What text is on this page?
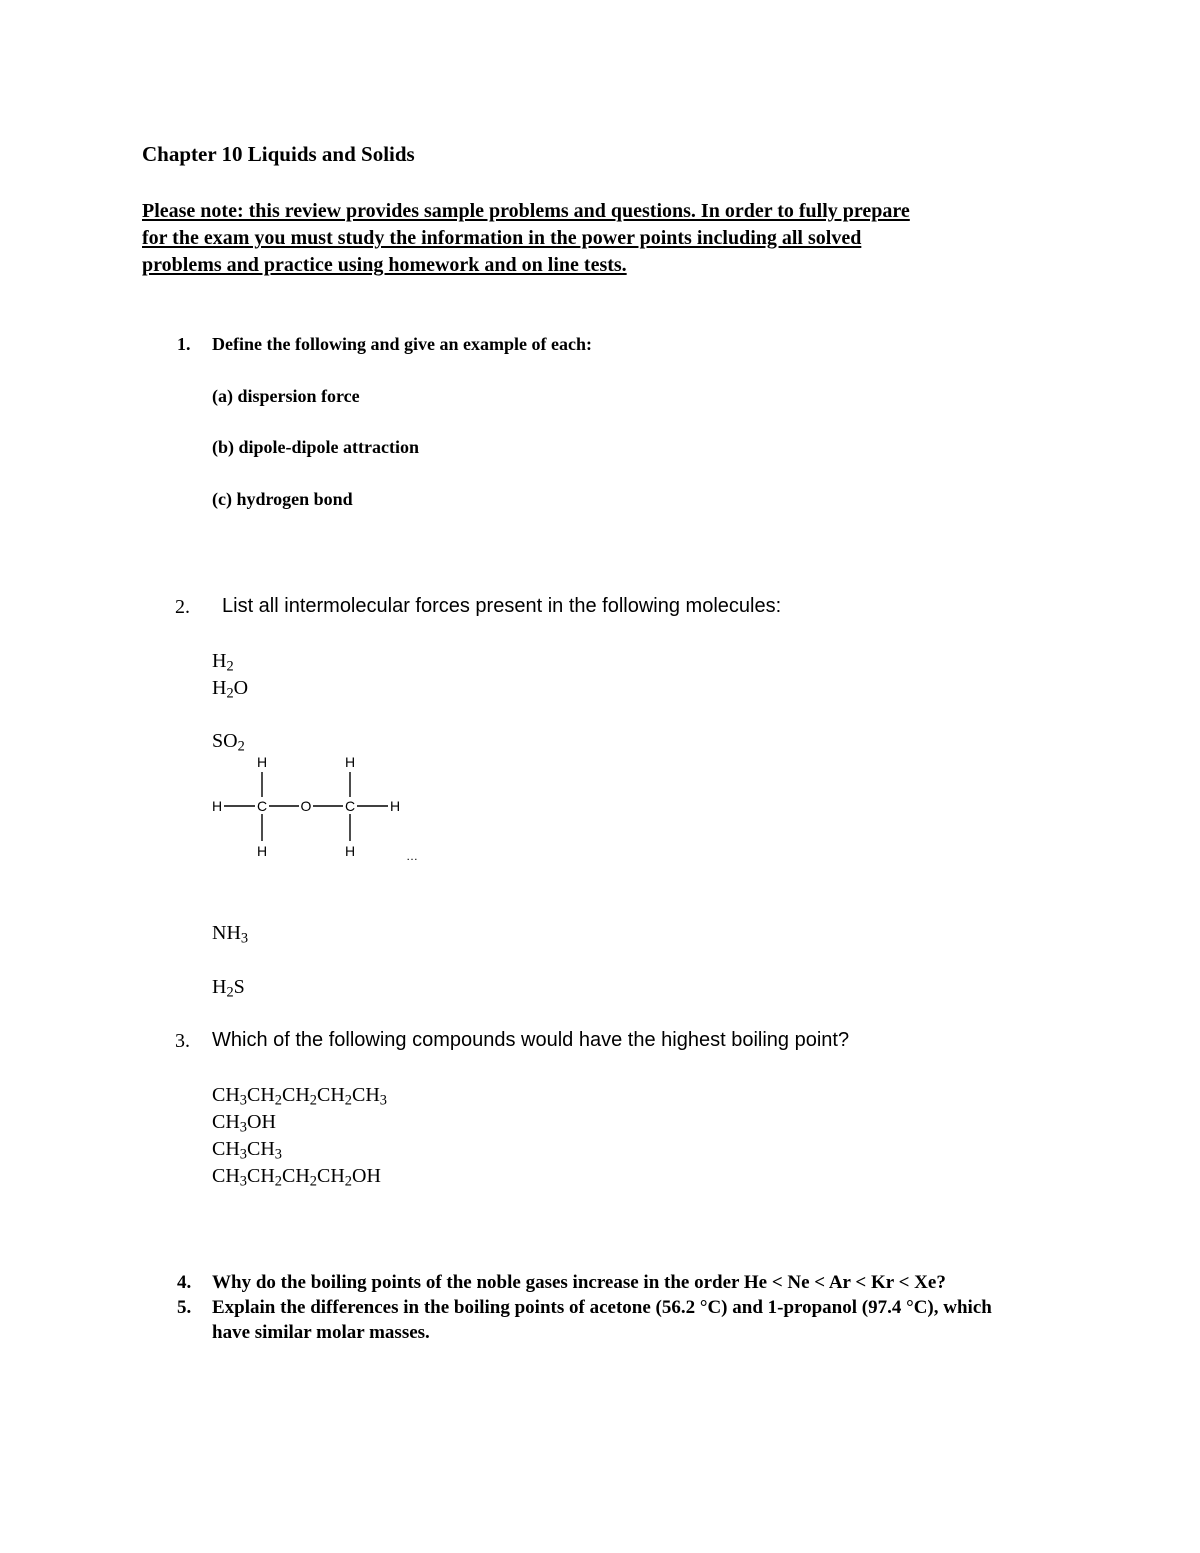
Chapter 10 Liquids and Solids
Please note: this review provides sample problems and questions. In order to fully prepare
for the exam you must study the information in the power points including all solved
problems and practice using homework and on line tests.
1. Define the following and give an example of each:
(a) dispersion force
(b) dipole-dipole attraction
(c) hydrogen bond
2. List all intermolecular forces present in the following molecules:
$H_2$
$H_2O$
$SO_2$
H	H
H C O C H
H	H	…
$NH_3$
$H_2S$
3. Which of the following compounds would have the highest boiling point?
$CH_3CH_2CH_2CH_2CH_3$
$CH_3OH$
$CH_3CH_3$
$CH_3CH_2CH_2CH_2OH$
4. Why do the boiling points of the noble gases increase in the order He < Ne < Ar < Kr < Xe?
5. Explain the differences in the boiling points of acetone (56.2 °C) and 1-propanol (97.4 °C), which
have similar molar masses.
